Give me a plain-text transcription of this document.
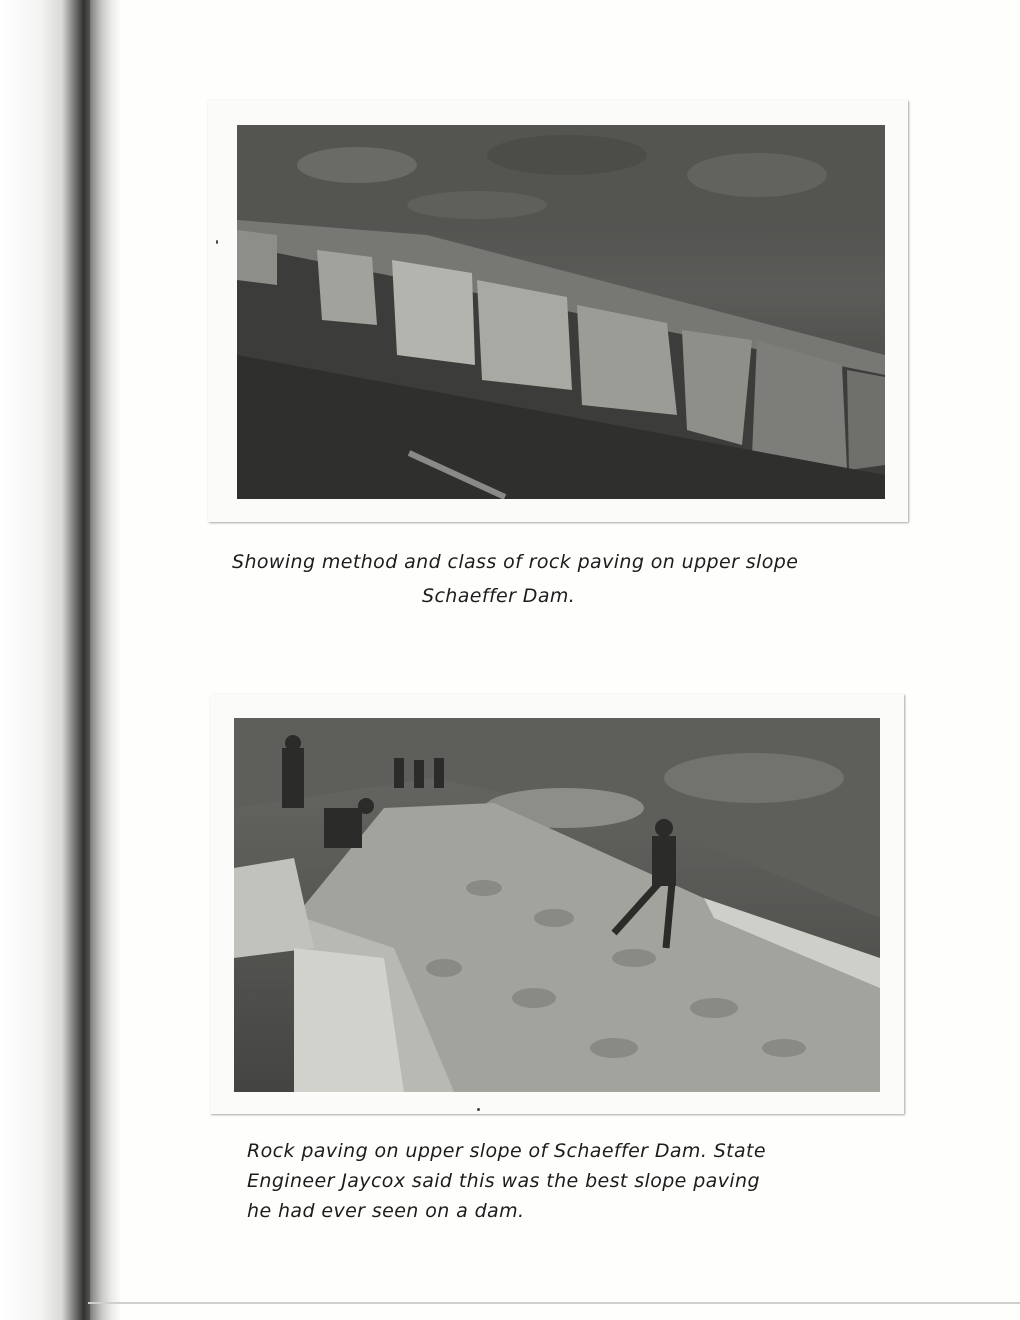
Showing method and class of rock paving on upper slope
Schaeffer Dam.
Rock paving on upper slope of Schaeffer Dam. State
Engineer Jaycox said this was the best slope paving
he had ever seen on a dam.
